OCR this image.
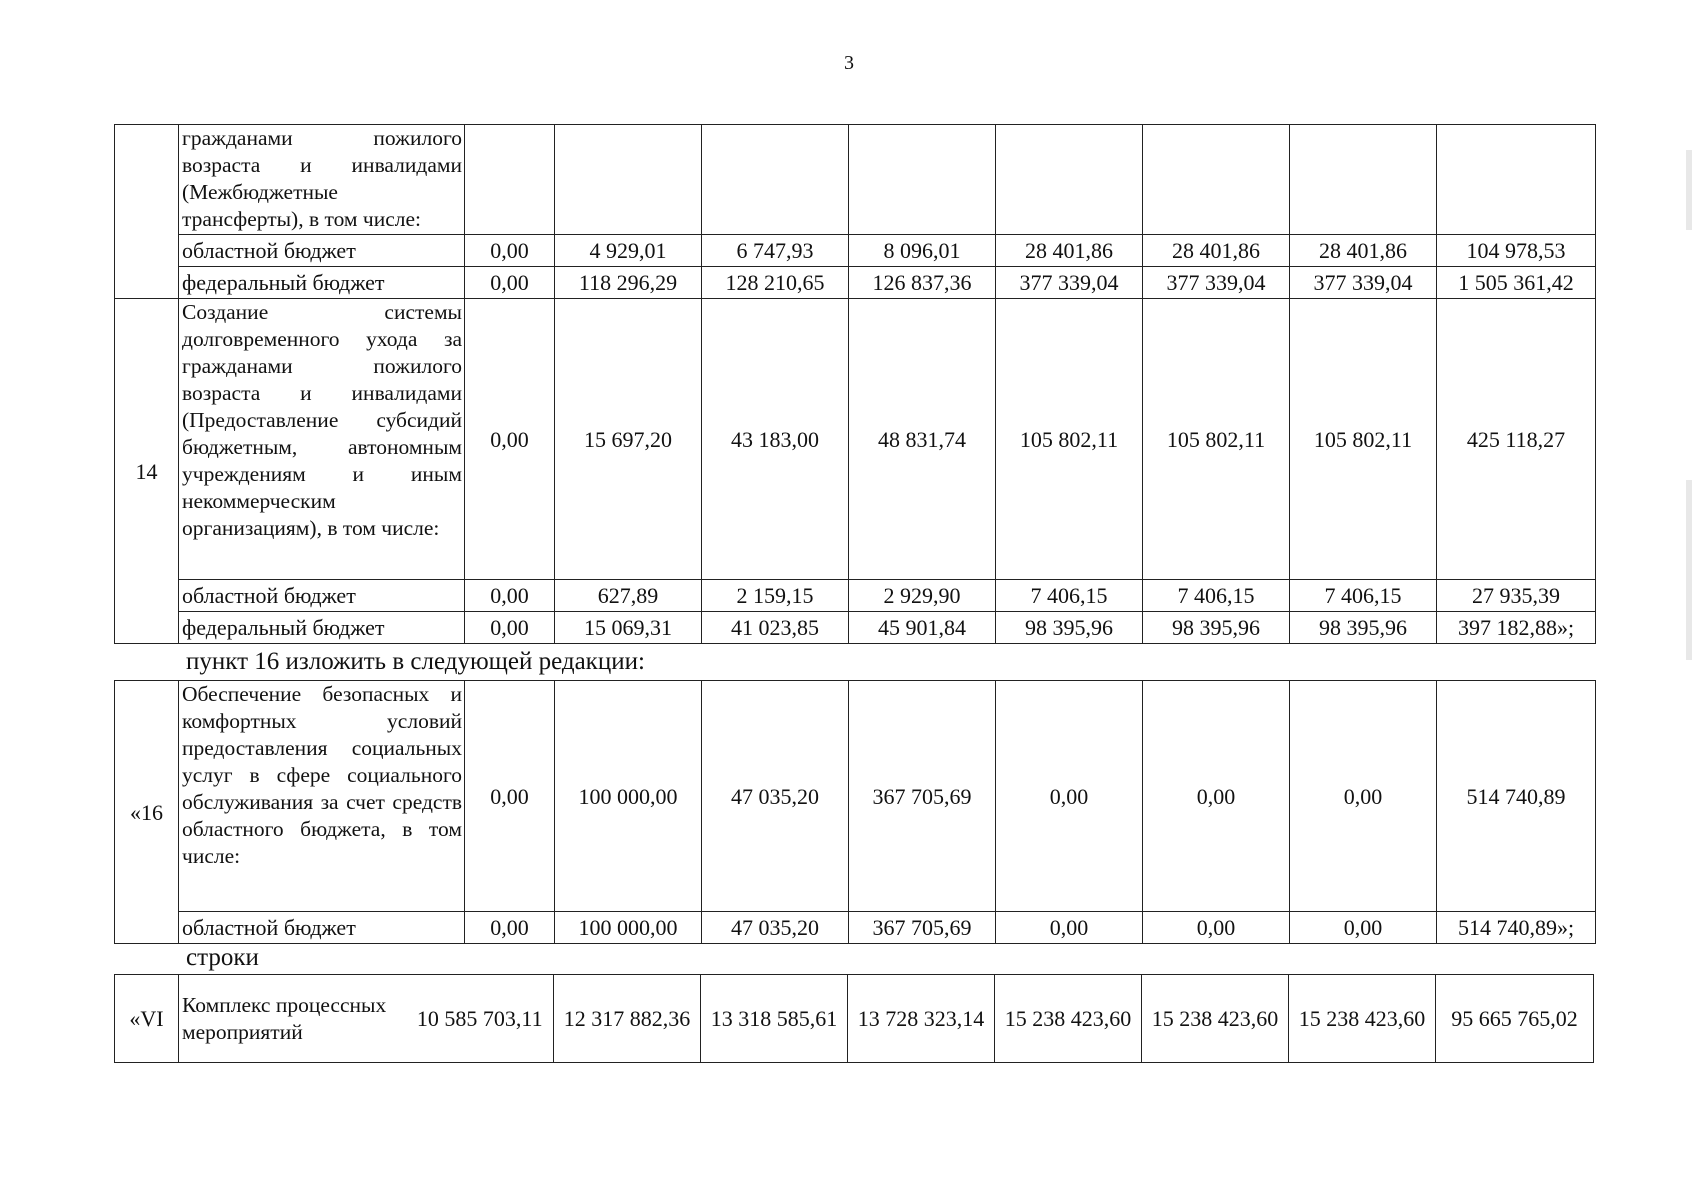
3
	гражданами пожилого возраста и инвалидами (Межбюджетные трансферты), в том числе:								
	областной бюджет	0,00	4 929,01	6 747,93	8 096,01	28 401,86	28 401,86	28 401,86	104 978,53
	федеральный бюджет	0,00	118 296,29	128 210,65	126 837,36	377 339,04	377 339,04	377 339,04	1 505 361,42
14	Создание системы долговременного ухода за гражданами пожилого возраста и инвалидами (Предоставление субсидий бюджетным, автономным учреждениям и иным некоммерческим организациям), в том числе:	0,00	15 697,20	43 183,00	48 831,74	105 802,11	105 802,11	105 802,11	425 118,27
	областной бюджет	0,00	627,89	2 159,15	2 929,90	7 406,15	7 406,15	7 406,15	27 935,39
	федеральный бюджет	0,00	15 069,31	41 023,85	45 901,84	98 395,96	98 395,96	98 395,96	397 182,88»;
пункт 16 изложить в следующей редакции:
«16	Обеспечение безопасных и комфортных условий предоставления социальных услуг в сфере социального обслуживания за счет средств областного бюджета, в том числе:	0,00	100 000,00	47 035,20	367 705,69	0,00	0,00	0,00	514 740,89
	областной бюджет	0,00	100 000,00	47 035,20	367 705,69	0,00	0,00	0,00	514 740,89»;
строки
«VI	Комплекс процессных мероприятий	10 585 703,11	12 317 882,36	13 318 585,61	13 728 323,14	15 238 423,60	15 238 423,60	15 238 423,60	95 665 765,02
